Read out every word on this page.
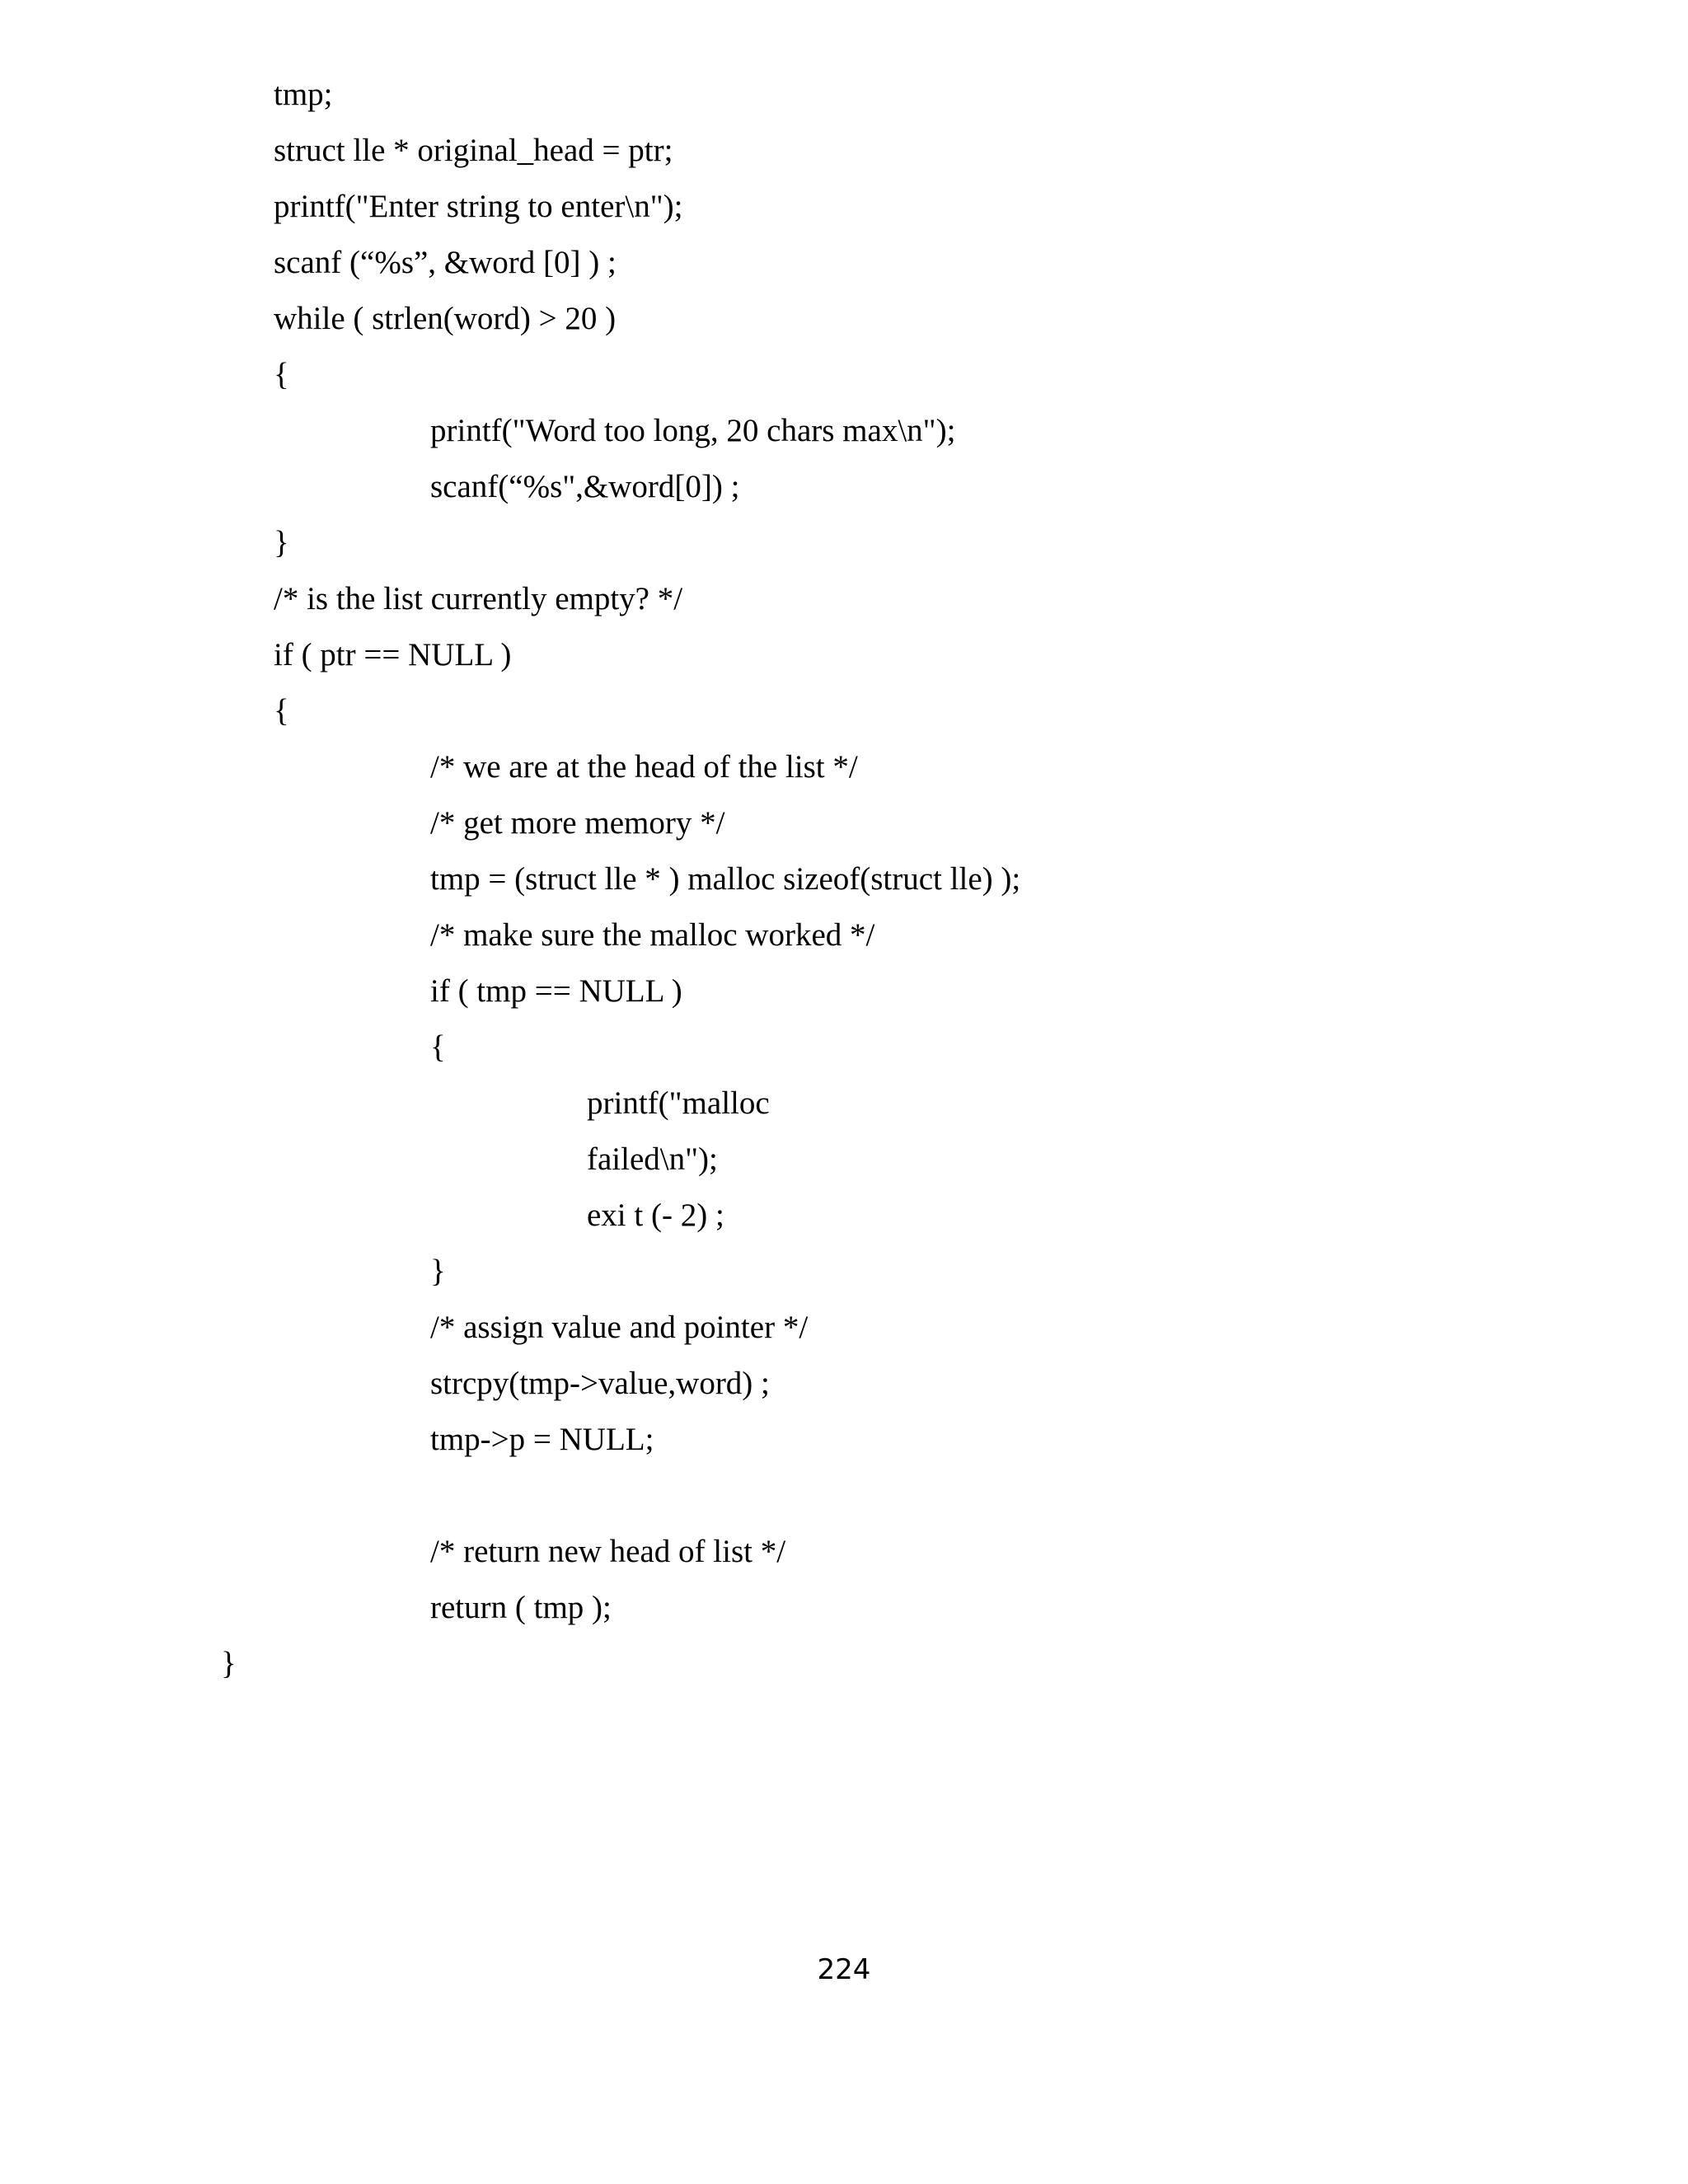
tmp;
struct lle * original_head = ptr;
printf("Enter string to enter\n");
scanf (“%s”, &word [0] ) ;
while ( strlen(word) > 20 )
{
printf("Word too long, 20 chars max\n");
scanf(“%s",&word[0]) ;
}
/* is the list currently empty? */
if ( ptr == NULL )
{
/* we are at the head of the list */
/* get more memory */
tmp = (struct lle * ) malloc sizeof(struct lle) );
/* make sure the malloc worked */
if ( tmp == NULL )
{
printf("malloc
failed\n");
exi t (- 2) ;
}
/* assign value and pointer */
strcpy(tmp->value,word) ;
tmp->p = NULL;
/* return new head of list */
return ( tmp );
}
224
